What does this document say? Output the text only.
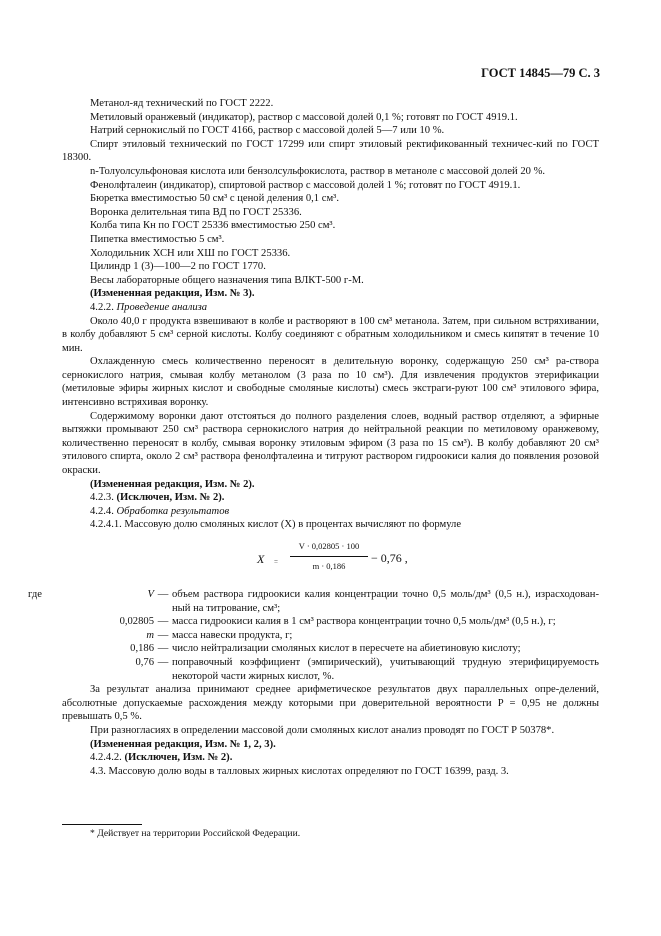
ГОСТ 14845—79 С. 3

Метанол-яд технический по ГОСТ 2222.

Метиловый оранжевый (индикатор), раствор с массовой долей 0,1 %; готовят по ГОСТ 4919.1.

Натрий сернокислый по ГОСТ 4166, раствор с массовой долей 5—7 или 10 %.

Спирт этиловый технический по ГОСТ 17299 или спирт этиловый ректификованный техничес-кий по ГОСТ 18300.

n-Толуолсульфоновая кислота или бензолсульфокислота, раствор в метаноле с массовой долей 20 %.

Фенолфталеин (индикатор), спиртовой раствор с массовой долей 1 %; готовят по ГОСТ 4919.1.

Бюретка вместимостью 50 см³ с ценой деления 0,1 см³.

Воронка делительная типа ВД по ГОСТ 25336.

Колба типа Кн по ГОСТ 25336 вместимостью 250 см³.

Пипетка вместимостью 5 см³.

Холодильник ХСН или ХШ по ГОСТ 25336.

Цилиндр 1 (3)—100—2 по ГОСТ 1770.

Весы лабораторные общего назначения типа ВЛКТ-500 г-М.

(Измененная редакция, Изм. № 3).

4.2.2. Проведение анализа

Около 40,0 г продукта взвешивают в колбе и растворяют в 100 см³ метанола. Затем, при сильном встряхивании, в колбу добавляют 5 см³ серной кислоты. Колбу соединяют с обратным холодильником и смесь кипятят в течение 10 мин.

Охлажденную смесь количественно переносят в делительную воронку, содержащую 250 см³ ра-створа сернокислого натрия, смывая колбу метанолом (3 раза по 10 см³). Для извлечения продуктов этерификации (метиловые эфиры жирных кислот и свободные смоляные кислоты) смесь экстраги-руют 100 см³ этилового эфира, интенсивно встряхивая воронку.

Содержимому воронки дают отстояться до полного разделения слоев, водный раствор отделяют, а эфирные вытяжки промывают 250 см³ раствора сернокислого натрия до нейтральной реакции по метиловому оранжевому, количественно переносят в колбу, смывая воронку этиловым эфиром (3 раза по 15 см³). В колбу добавляют 20 см³ этилового спирта, около 2 см³ раствора фенолфталеина и титруют раствором гидроокиси калия до появления розовой окраски.

(Измененная редакция, Изм. № 2).

4.2.3. (Исключен, Изм. № 2).

4.2.4. Обработка результатов

4.2.4.1. Массовую долю смоляных кислот (X) в процентах вычисляют по формуле

$X = \frac{V \cdot 0,02805 \cdot 100}{m \cdot 0,186} - 0,76$ ,
где	V — объем раствора гидроокиси калия концентрации точно 0,5 моль/дм³ (0,5 н.), израсходован-ный на титрование, см³;
0,02805 — масса гидроокиси калия в 1 см³ раствора концентрации точно 0,5 моль/дм³ (0,5 н.), г;
m — масса навески продукта, г;
0,186 — число нейтрализации смоляных кислот в пересчете на абиетиновую кислоту;
0,76 — поправочный коэффициент (эмпирический), учитывающий трудную этерифицируемость некоторой части жирных кислот, %.

За результат анализа принимают среднее арифметическое результатов двух параллельных опре-делений, абсолютные допускаемые расхождения между которыми при доверительной вероятности P = 0,95 не должны превышать 0,5 %.

При разногласиях в определении массовой доли смоляных кислот анализ проводят по ГОСТ Р 50378*.

(Измененная редакция, Изм. № 1, 2, 3).

4.2.4.2. (Исключен, Изм. № 2).

4.3. Массовую долю воды в талловых жирных кислотах определяют по ГОСТ 16399, разд. 3.

* Действует на территории Российской Федерации.
